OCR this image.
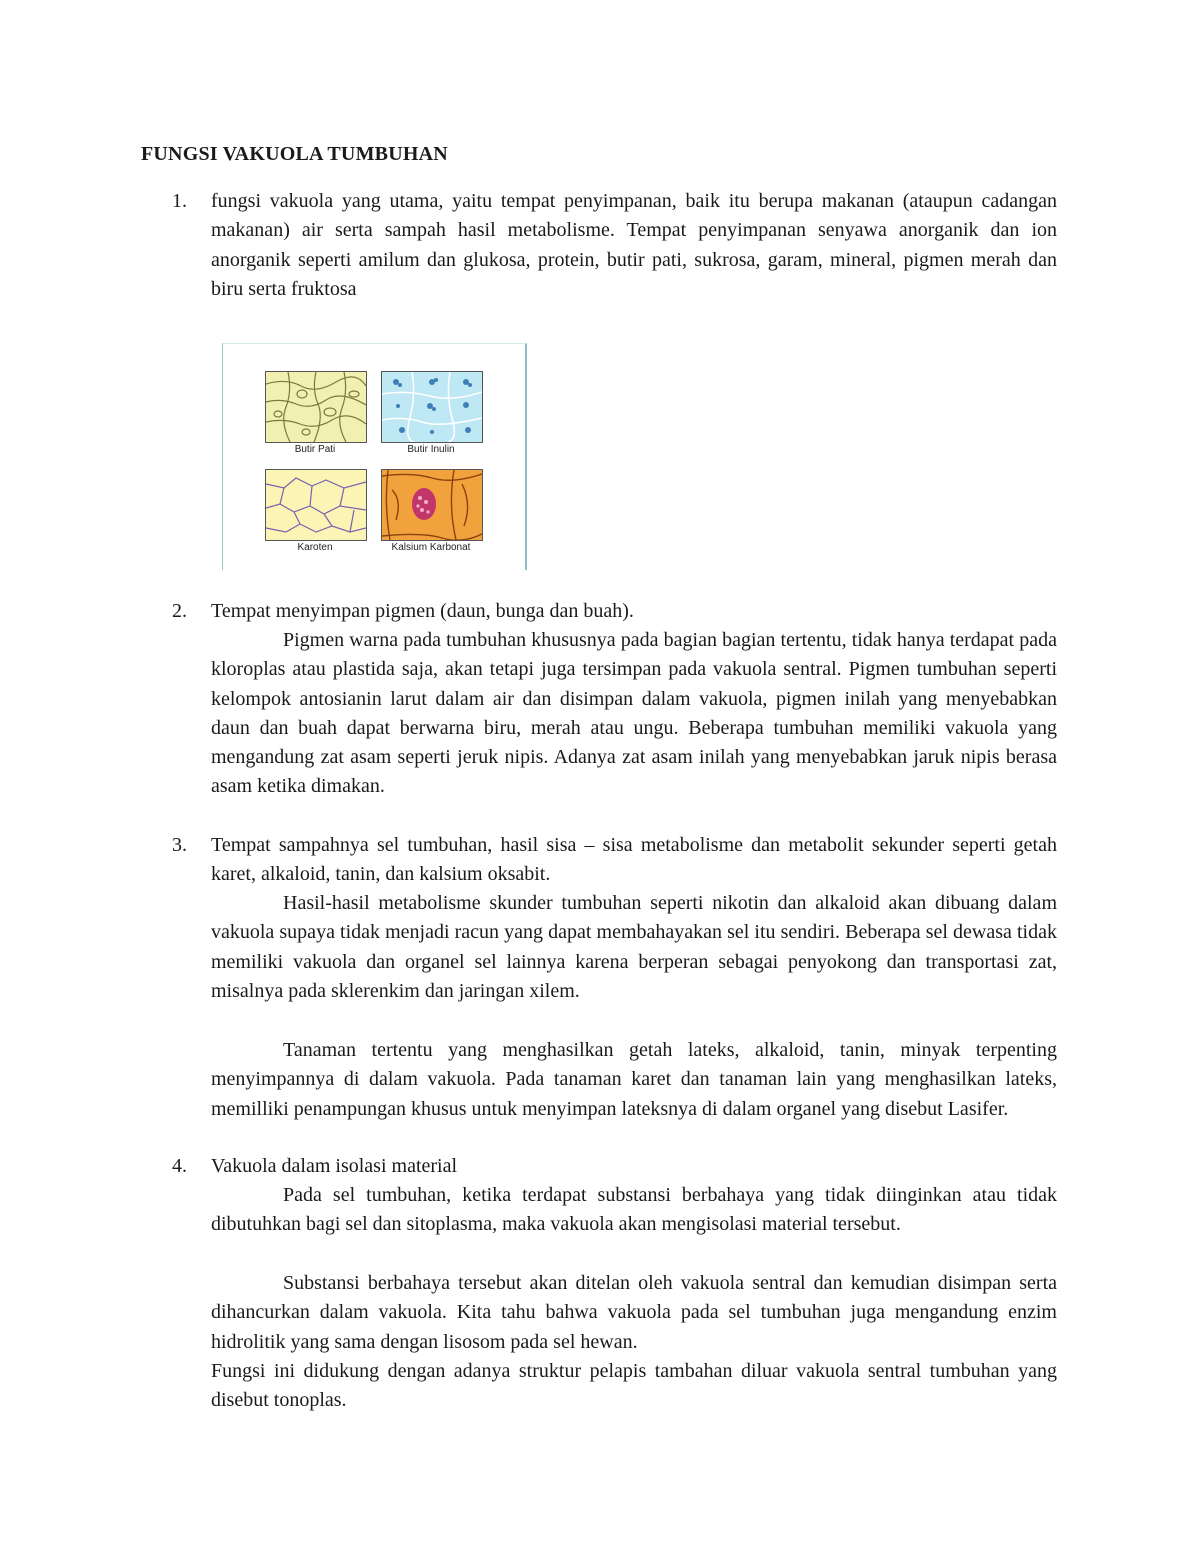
FUNGSI VAKUOLA TUMBUHAN
1. fungsi vakuola yang utama, yaitu tempat penyimpanan, baik itu berupa makanan (ataupun cadangan makanan) air serta sampah hasil metabolisme. Tempat penyimpanan senyawa anorganik dan ion anorganik seperti amilum dan glukosa, protein, butir pati, sukrosa, garam, mineral, pigmen merah dan biru serta fruktosa

Butir Pati	Butir Inulin
Karoten	Kalsium Karbonat
2. Tempat menyimpan pigmen (daun, bunga dan buah).

Pigmen warna pada tumbuhan khususnya pada bagian bagian tertentu, tidak hanya terdapat pada kloroplas atau plastida saja, akan tetapi juga tersimpan pada vakuola sentral. Pigmen tumbuhan seperti kelompok antosianin larut dalam air dan disimpan dalam vakuola, pigmen inilah yang menyebabkan daun dan buah dapat berwarna biru, merah atau ungu. Beberapa tumbuhan memiliki vakuola yang mengandung zat asam seperti jeruk nipis. Adanya zat asam inilah yang menyebabkan jaruk nipis berasa asam ketika dimakan.

3. Tempat sampahnya sel tumbuhan, hasil sisa – sisa metabolisme dan metabolit sekunder seperti getah karet, alkaloid, tanin, dan kalsium oksabit.

Hasil-hasil metabolisme skunder tumbuhan seperti nikotin dan alkaloid akan dibuang dalam vakuola supaya tidak menjadi racun yang dapat membahayakan sel itu sendiri. Beberapa sel dewasa tidak memiliki vakuola dan organel sel lainnya karena berperan sebagai penyokong dan transportasi zat, misalnya pada sklerenkim dan jaringan xilem.

Tanaman tertentu yang menghasilkan getah lateks, alkaloid, tanin, minyak terpenting menyimpannya di dalam vakuola. Pada tanaman karet dan tanaman lain yang menghasilkan lateks, memilliki penampungan khusus untuk menyimpan lateksnya di dalam organel yang disebut Lasifer.

4. Vakuola dalam isolasi material

Pada sel tumbuhan, ketika terdapat substansi berbahaya yang tidak diinginkan atau tidak dibutuhkan bagi sel dan sitoplasma, maka vakuola akan mengisolasi material tersebut.

Substansi berbahaya tersebut akan ditelan oleh vakuola sentral dan kemudian disimpan serta dihancurkan dalam vakuola. Kita tahu bahwa vakuola pada sel tumbuhan juga mengandung enzim hidrolitik yang sama dengan lisosom pada sel hewan.

Fungsi ini didukung dengan adanya struktur pelapis tambahan diluar vakuola sentral tumbuhan yang disebut tonoplas.
